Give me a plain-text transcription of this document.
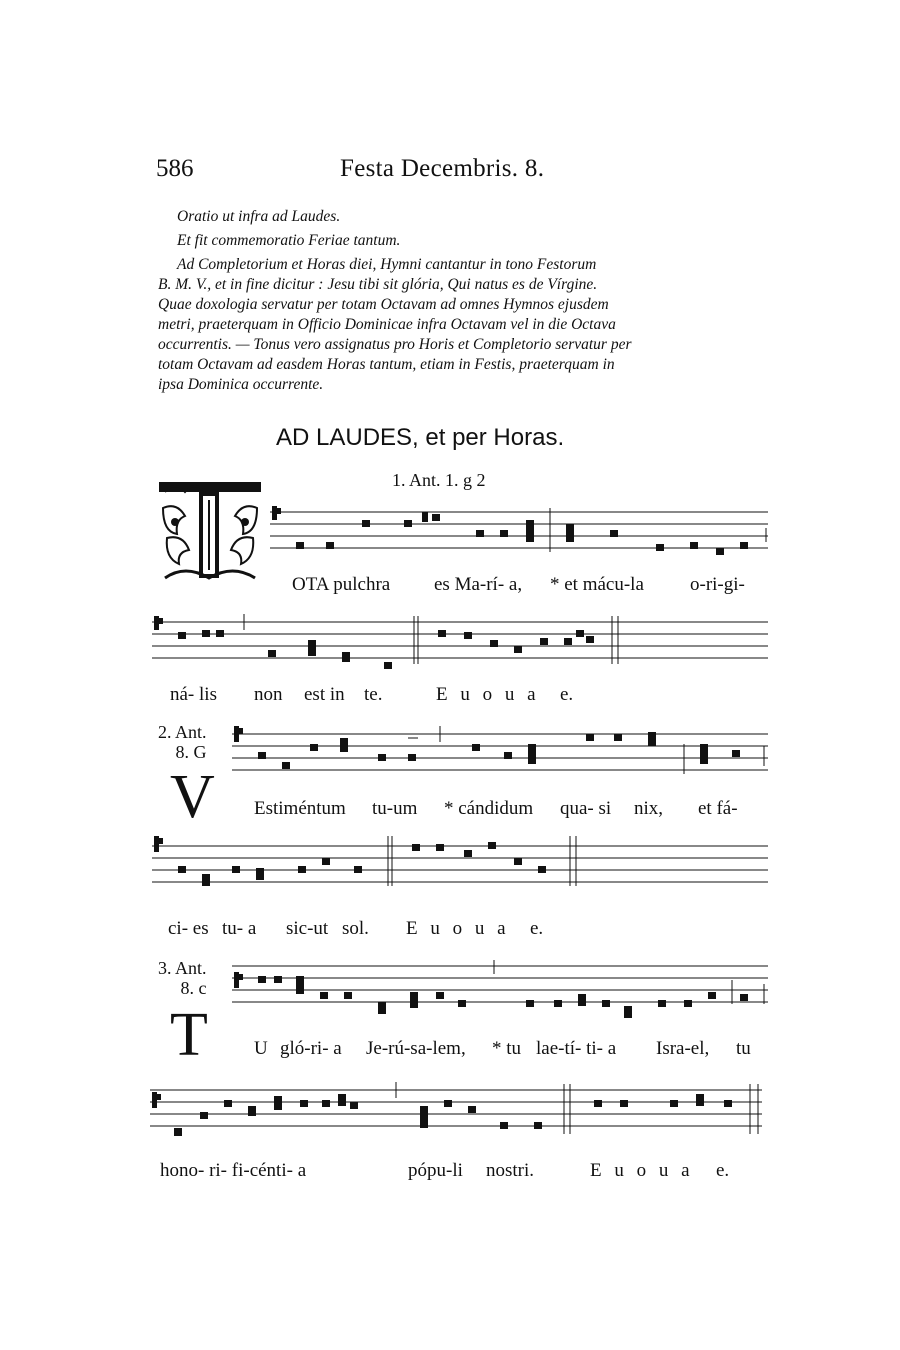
586	Festa Decembris. 8.
Oratio ut infra ad Laudes.
Et fit commemoratio Feriae tantum.
Ad Completorium et Horas diei, Hymni cantantur in tono Festorum
B. M. V., et in fine dicitur : Jesu tibi sit glória, Qui natus es de Vírgine.
Quae doxologia servatur per totam Octavam ad omnes Hymnos ejusdem
metri, praeterquam in Officio Dominicae infra Octavam vel in die Octava
occurrentis. — Tonus vero assignatus pro Horis et Completorio servatur per
totam Octavam ad easdem Horas tantum, etiam in Festis, praeterquam in
ipsa Dominica occurrente.
AD LAUDES, et per Horas.
1. Ant. 1. g 2
OTA pulchra es Ma-rí- a, * et mácu-la o-ri-gi-
ná- lis non est in te.	E u o u a e.
2. Ant.
8. G
V Estiméntum tu-um * cándidum qua- si nix, et fá-
ci- es tu- a sic-ut sol. E u o u a e.
3. Ant.
8. c
T U gló-ri- a Je-rú-sa-lem, * tu lae-tí- ti- a Isra-el, tu
hono- ri- fi-cénti- a	pópu-li nostri.	E u o u a e.
